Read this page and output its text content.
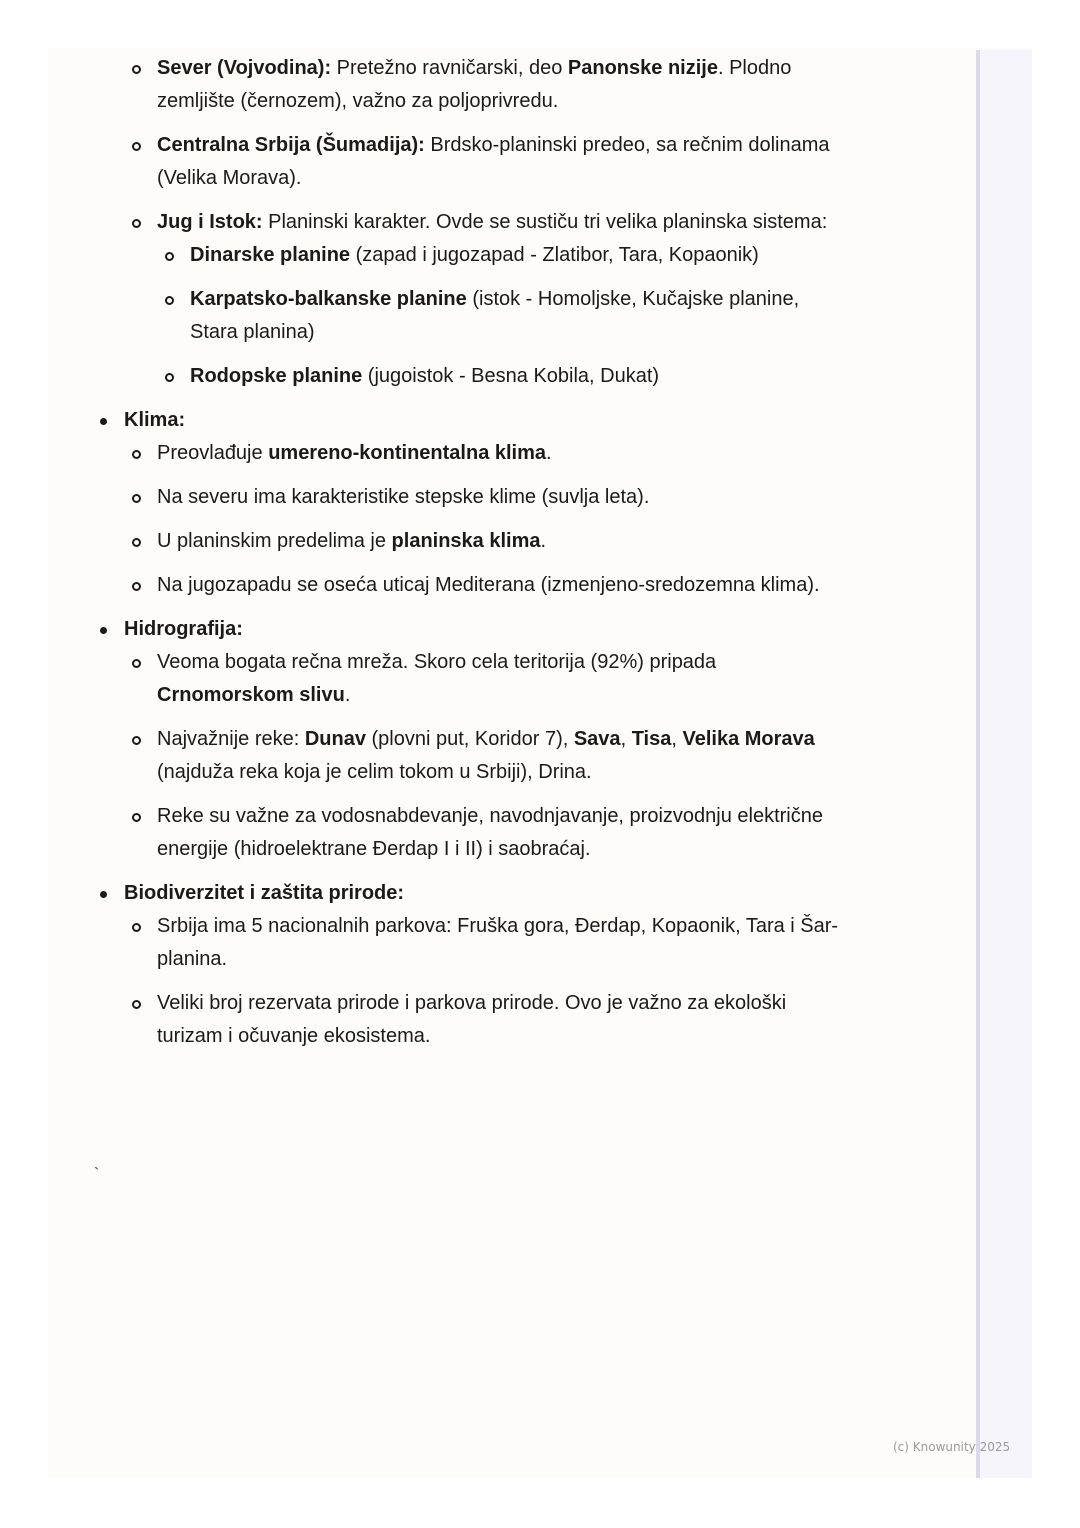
Sever (Vojvodina): Pretežno ravničarski, deo Panonske nizije. Plodno zemljište (černozem), važno za poljoprivredu.
Centralna Srbija (Šumadija): Brdsko-planinski predeo, sa rečnim dolinama (Velika Morava).
Jug i Istok: Planinski karakter. Ovde se sustiču tri velika planinska sistema:
Dinarske planine (zapad i jugozapad - Zlatibor, Tara, Kopaonik)
Karpatsko-balkanske planine (istok - Homoljske, Kučajske planine, Stara planina)
Rodopske planine (jugoistok - Besna Kobila, Dukat)
Klima:
Preovlađuje umereno-kontinentalna klima.
Na severu ima karakteristike stepske klime (suvlja leta).
U planinskim predelima je planinska klima.
Na jugozapadu se oseća uticaj Mediterana (izmenjeno-sredozemna klima).
Hidrografija:
Veoma bogata rečna mreža. Skoro cela teritorija (92%) pripada Crnomorskom slivu.
Najvažnije reke: Dunav (plovni put, Koridor 7), Sava, Tisa, Velika Morava (najduža reka koja je celim tokom u Srbiji), Drina.
Reke su važne za vodosnabdevanje, navodnjavanje, proizvodnju električne energije (hidroelektrane Đerdap I i II) i saobraćaj.
Biodiverzitet i zaštita prirode:
Srbija ima 5 nacionalnih parkova: Fruška gora, Đerdap, Kopaonik, Tara i Šar-planina.
Veliki broj rezervata prirode i parkova prirode. Ovo je važno za ekološki turizam i očuvanje ekosistema.
`
(c) Knowunity 2025
